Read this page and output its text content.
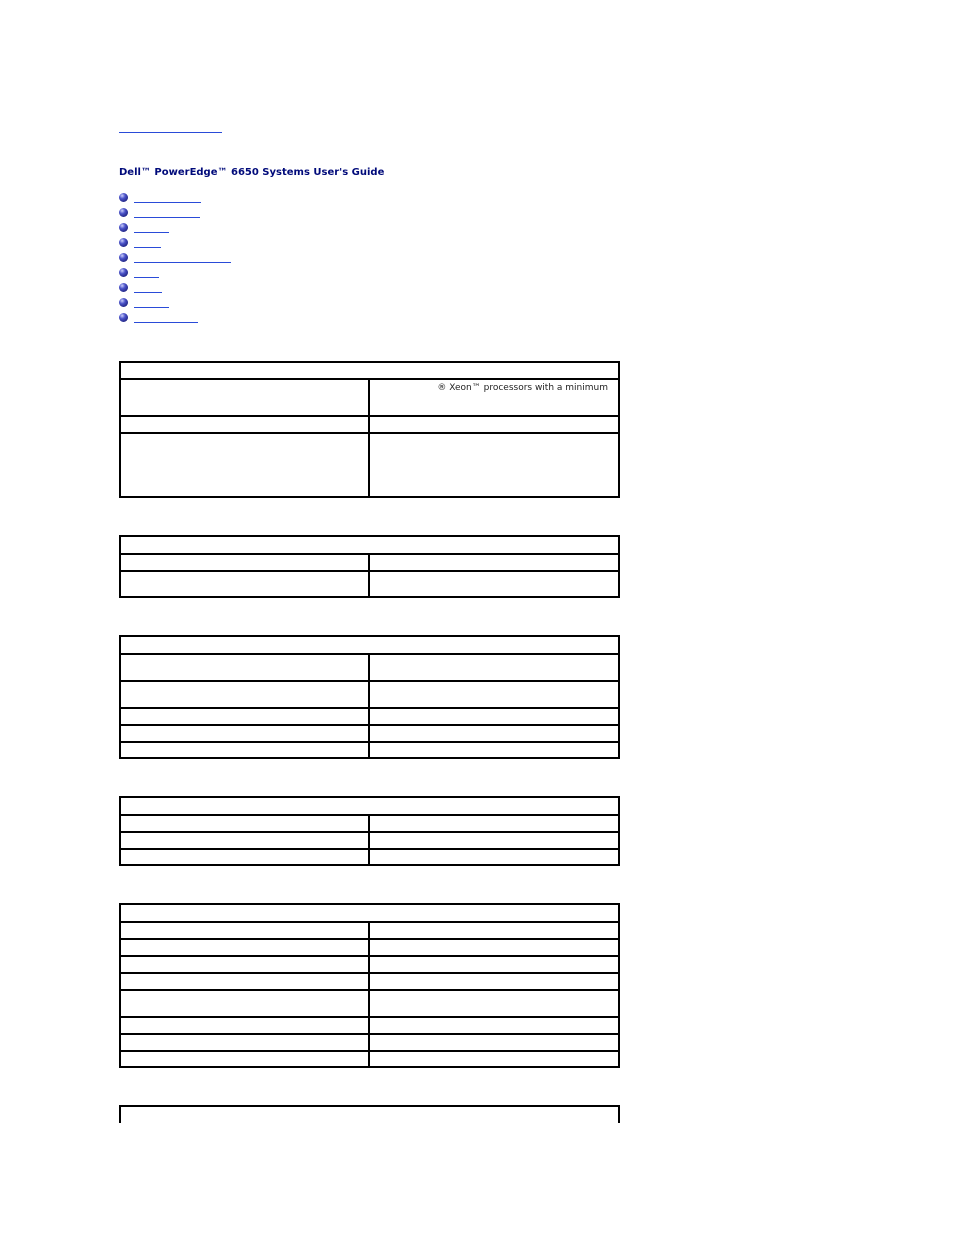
Dell™ PowerEdge™ 6650 Systems User's Guide
® Xeon™ processors with a minimum
